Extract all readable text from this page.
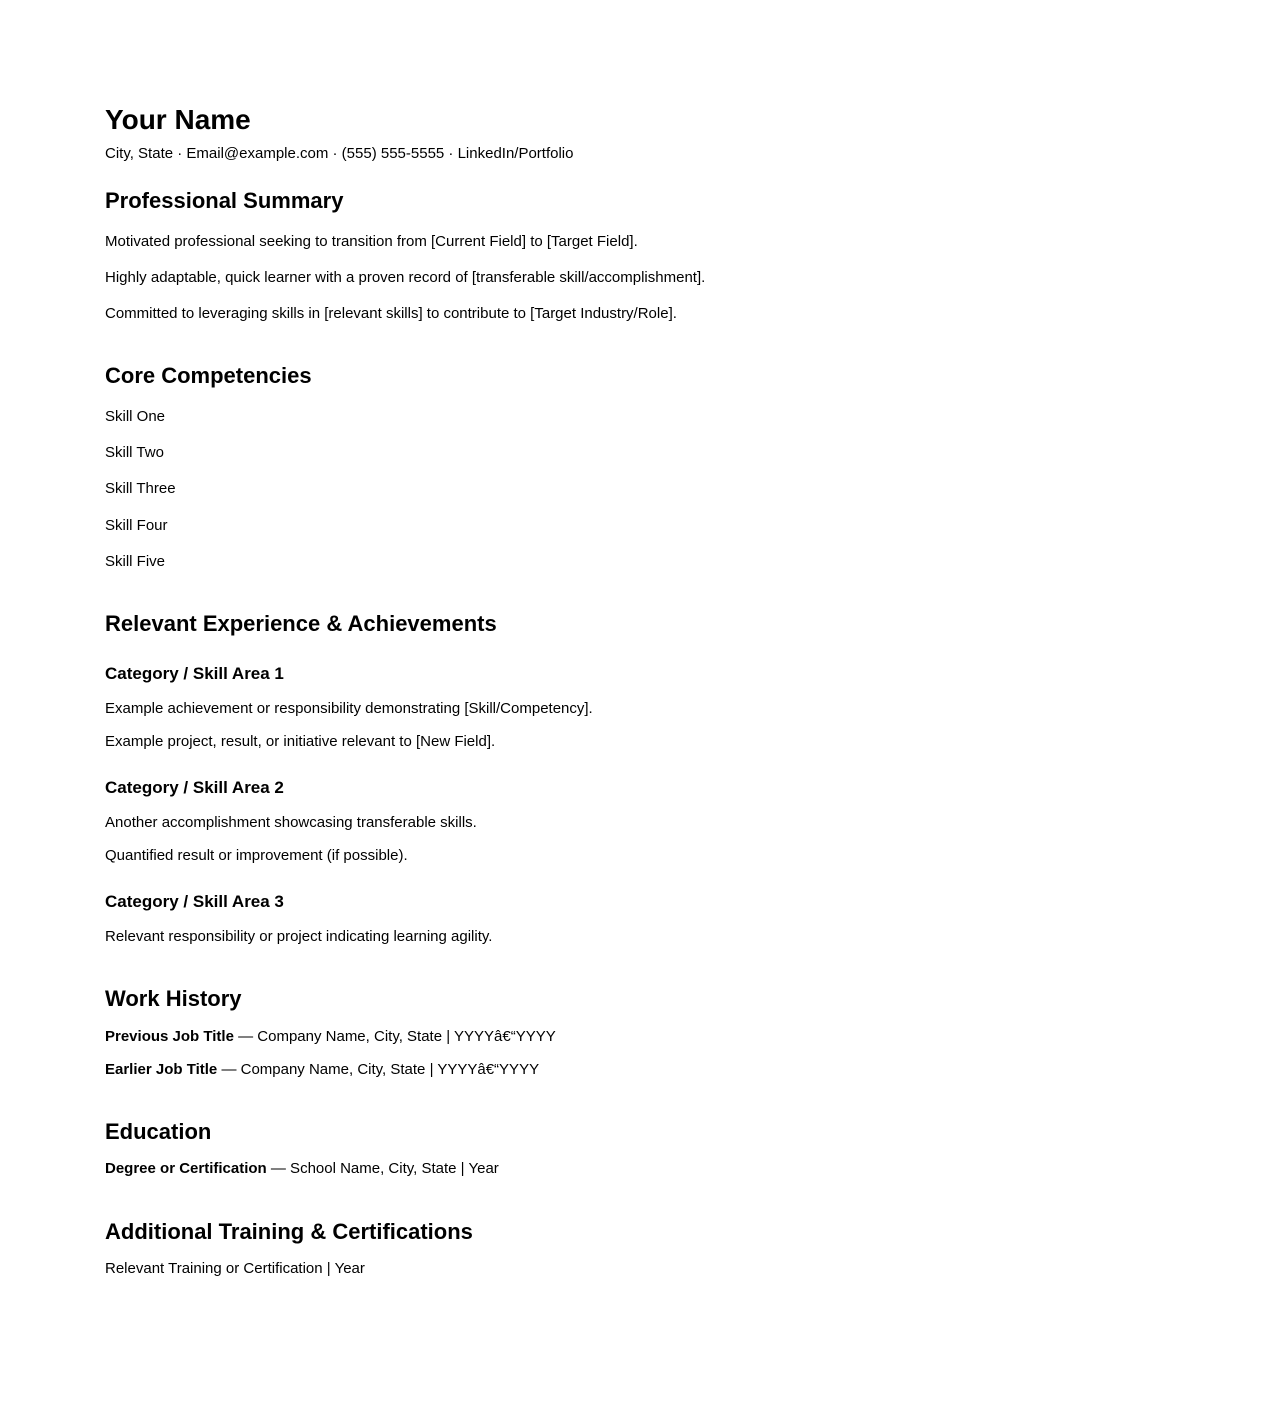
Your Name

City, State · Email@example.com · (555) 555-5555 · LinkedIn/Portfolio

Professional Summary

Motivated professional seeking to transition from [Current Field] to [Target Field].

Highly adaptable, quick learner with a proven record of [transferable skill/accomplishment].

Committed to leveraging skills in [relevant skills] to contribute to [Target Industry/Role].

Core Competencies

Skill One

Skill Two

Skill Three

Skill Four

Skill Five

Relevant Experience & Achievements
Category / Skill Area 1

Example achievement or responsibility demonstrating [Skill/Competency].

Example project, result, or initiative relevant to [New Field].

Category / Skill Area 2

Another accomplishment showcasing transferable skills.

Quantified result or improvement (if possible).

Category / Skill Area 3

Relevant responsibility or project indicating learning agility.

Work History

Previous Job Title — Company Name, City, State | YYYYâ€“YYYY

Earlier Job Title — Company Name, City, State | YYYYâ€“YYYY

Education

Degree or Certification — School Name, City, State | Year

Additional Training & Certifications

Relevant Training or Certification | Year
